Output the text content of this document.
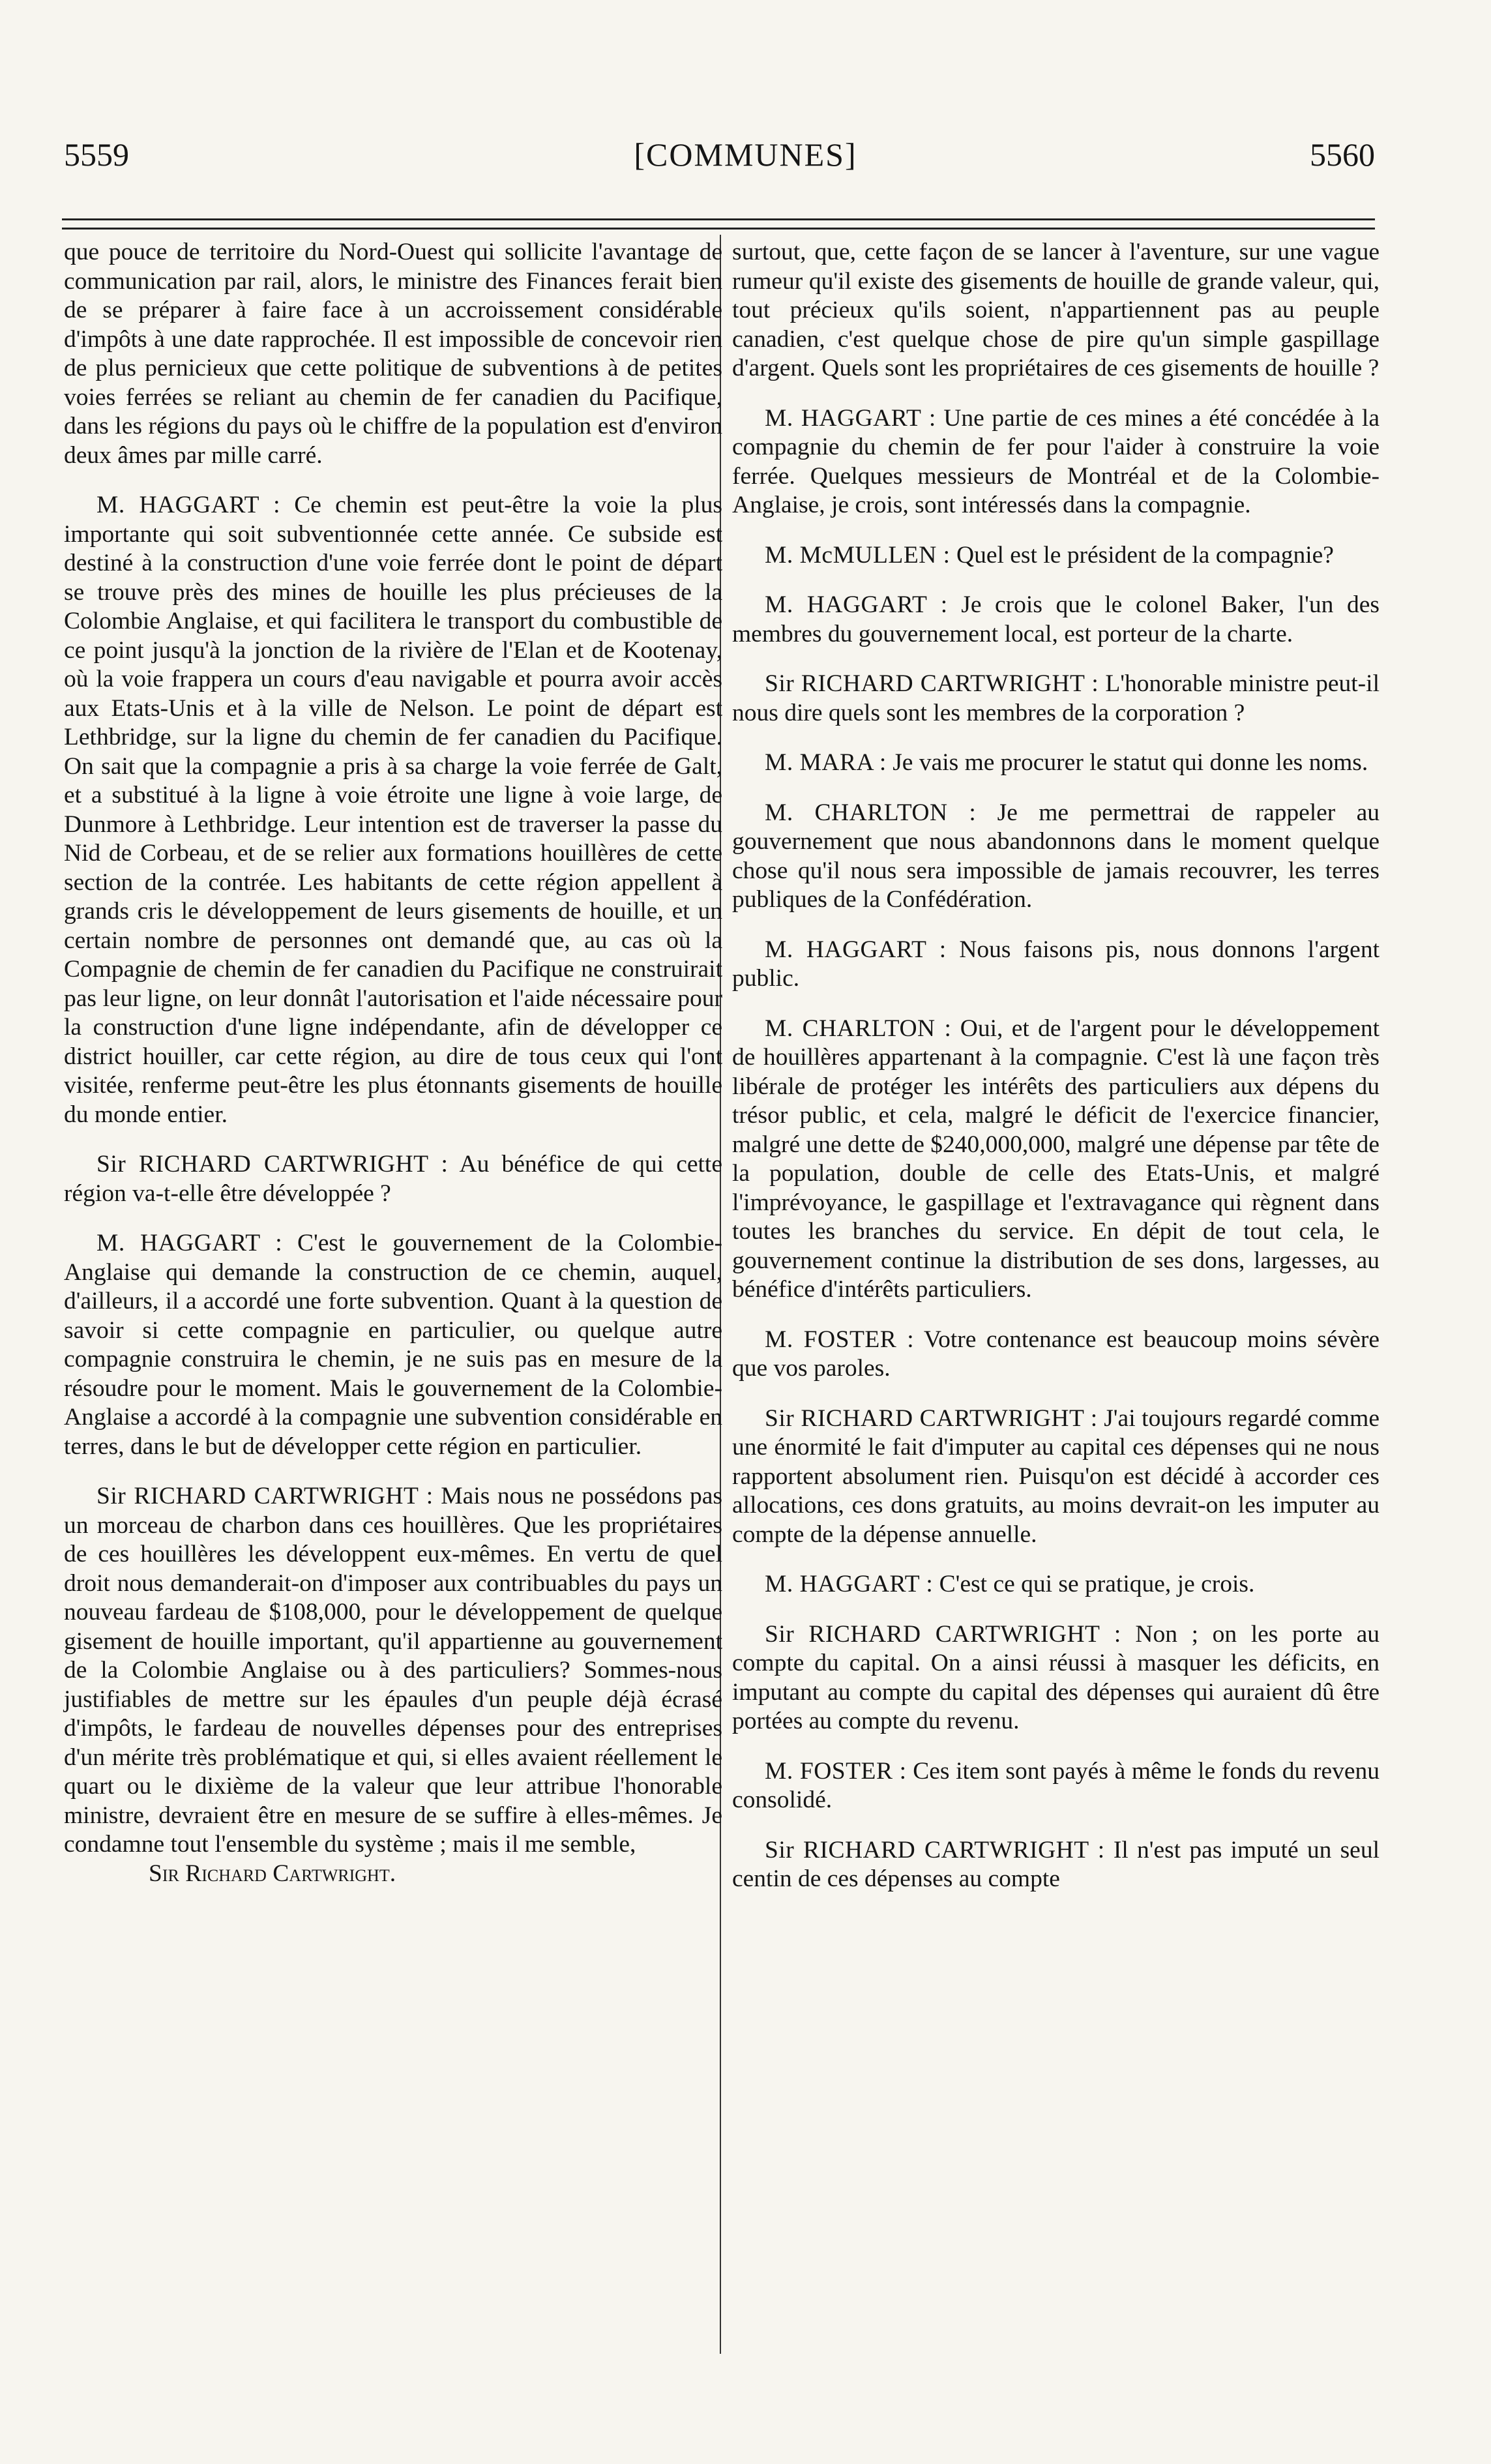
5559	[COMMUNES]	5560

que pouce de territoire du Nord-Ouest qui sollicite l'avantage de communication par rail, alors, le ministre des Finances ferait bien de se préparer à faire face à un accroissement considérable d'impôts à une date rapprochée. Il est impossible de concevoir rien de plus pernicieux que cette politique de subventions à de petites voies ferrées se reliant au chemin de fer canadien du Pacifique, dans les régions du pays où le chiffre de la population est d'environ deux âmes par mille carré.

M. HAGGART : Ce chemin est peut-être la voie la plus importante qui soit subventionnée cette année. Ce subside est destiné à la construction d'une voie ferrée dont le point de départ se trouve près des mines de houille les plus précieuses de la Colombie Anglaise, et qui facilitera le transport du combustible de ce point jusqu'à la jonction de la rivière de l'Elan et de Kootenay, où la voie frappera un cours d'eau navigable et pourra avoir accès aux Etats-Unis et à la ville de Nelson. Le point de départ est Lethbridge, sur la ligne du chemin de fer canadien du Pacifique. On sait que la compagnie a pris à sa charge la voie ferrée de Galt, et a substitué à la ligne à voie étroite une ligne à voie large, de Dunmore à Lethbridge. Leur intention est de traverser la passe du Nid de Corbeau, et de se relier aux formations houillères de cette section de la contrée. Les habitants de cette région appellent à grands cris le développement de leurs gisements de houille, et un certain nombre de personnes ont demandé que, au cas où la Compagnie de chemin de fer canadien du Pacifique ne construirait pas leur ligne, on leur donnât l'autorisation et l'aide nécessaire pour la construction d'une ligne indépendante, afin de développer ce district houiller, car cette région, au dire de tous ceux qui l'ont visitée, renferme peut-être les plus étonnants gisements de houille du monde entier.

Sir RICHARD CARTWRIGHT : Au bénéfice de qui cette région va-t-elle être développée ?

M. HAGGART : C'est le gouvernement de la Colombie-Anglaise qui demande la construction de ce chemin, auquel, d'ailleurs, il a accordé une forte subvention. Quant à la question de savoir si cette compagnie en particulier, ou quelque autre compagnie construira le chemin, je ne suis pas en mesure de la résoudre pour le moment. Mais le gouvernement de la Colombie-Anglaise a accordé à la compagnie une subvention considérable en terres, dans le but de développer cette région en particulier.

Sir RICHARD CARTWRIGHT : Mais nous ne possédons pas un morceau de charbon dans ces houillères. Que les propriétaires de ces houillères les développent eux-mêmes. En vertu de quel droit nous demanderait-on d'imposer aux contribuables du pays un nouveau fardeau de $108,000, pour le développement de quelque gisement de houille important, qu'il appartienne au gouvernement de la Colombie Anglaise ou à des particuliers? Sommes-nous justifiables de mettre sur les épaules d'un peuple déjà écrasé d'impôts, le fardeau de nouvelles dépenses pour des entreprises d'un mérite très problématique et qui, si elles avaient réellement le quart ou le dixième de la valeur que leur attribue l'honorable ministre, devraient être en mesure de se suffire à elles-mêmes. Je condamne tout l'ensemble du système ; mais il me semble,

Sir Richard Cartwright.

surtout, que, cette façon de se lancer à l'aventure, sur une vague rumeur qu'il existe des gisements de houille de grande valeur, qui, tout précieux qu'ils soient, n'appartiennent pas au peuple canadien, c'est quelque chose de pire qu'un simple gaspillage d'argent. Quels sont les propriétaires de ces gisements de houille ?

M. HAGGART : Une partie de ces mines a été concédée à la compagnie du chemin de fer pour l'aider à construire la voie ferrée. Quelques messieurs de Montréal et de la Colombie-Anglaise, je crois, sont intéressés dans la compagnie.

M. McMULLEN : Quel est le président de la compagnie?

M. HAGGART : Je crois que le colonel Baker, l'un des membres du gouvernement local, est porteur de la charte.

Sir RICHARD CARTWRIGHT : L'honorable ministre peut-il nous dire quels sont les membres de la corporation ?

M. MARA : Je vais me procurer le statut qui donne les noms.

M. CHARLTON : Je me permettrai de rappeler au gouvernement que nous abandonnons dans le moment quelque chose qu'il nous sera impossible de jamais recouvrer, les terres publiques de la Confédération.

M. HAGGART : Nous faisons pis, nous donnons l'argent public.

M. CHARLTON : Oui, et de l'argent pour le développement de houillères appartenant à la compagnie. C'est là une façon très libérale de protéger les intérêts des particuliers aux dépens du trésor public, et cela, malgré le déficit de l'exercice financier, malgré une dette de $240,000,000, malgré une dépense par tête de la population, double de celle des Etats-Unis, et malgré l'imprévoyance, le gaspillage et l'extravagance qui règnent dans toutes les branches du service. En dépit de tout cela, le gouvernement continue la distribution de ses dons, largesses, au bénéfice d'intérêts particuliers.

M. FOSTER : Votre contenance est beaucoup moins sévère que vos paroles.

Sir RICHARD CARTWRIGHT : J'ai toujours regardé comme une énormité le fait d'imputer au capital ces dépenses qui ne nous rapportent absolument rien. Puisqu'on est décidé à accorder ces allocations, ces dons gratuits, au moins devrait-on les imputer au compte de la dépense annuelle.

M. HAGGART : C'est ce qui se pratique, je crois.

Sir RICHARD CARTWRIGHT : Non ; on les porte au compte du capital. On a ainsi réussi à masquer les déficits, en imputant au compte du capital des dépenses qui auraient dû être portées au compte du revenu.

M. FOSTER : Ces item sont payés à même le fonds du revenu consolidé.

Sir RICHARD CARTWRIGHT : Il n'est pas imputé un seul centin de ces dépenses au compte
